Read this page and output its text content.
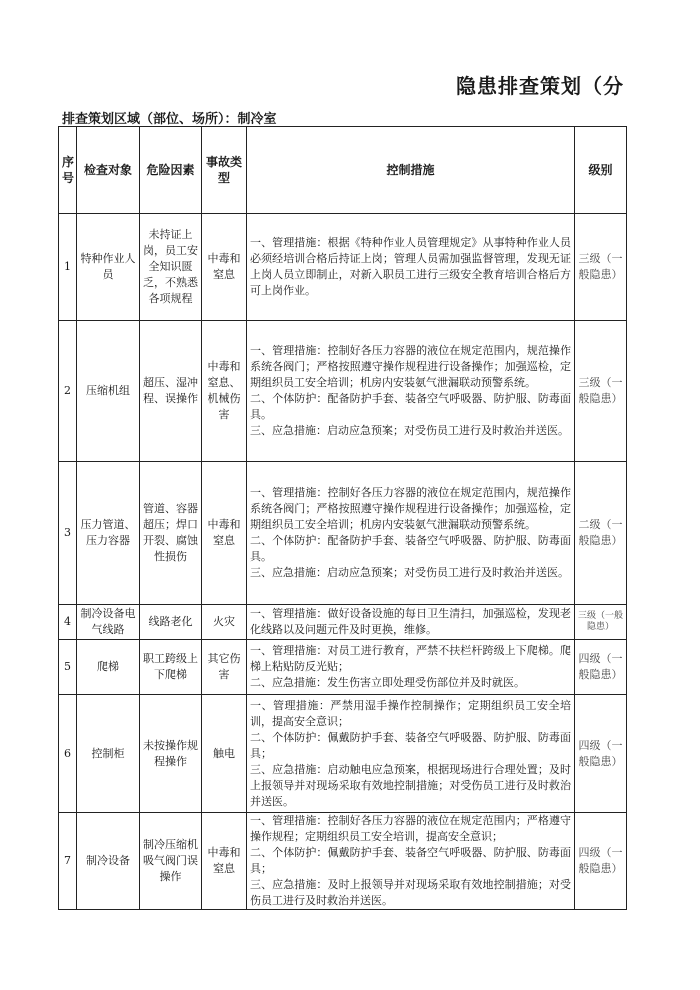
隐患排查策划（分
排查策划区域（部位、场所）：制冷室
序号	检查对象	危险因素	事故类型	控制措施	级别
1	特种作业人员	未持证上岗，员工安全知识匮乏，不熟悉各项规程	中毒和窒息	一、管理措施：根据《特种作业人员管理规定》从事特种作业人员必须经培训合格后持证上岗；管理人员需加强监督管理，发现无证上岗人员立即制止，对新入职员工进行三级安全教育培训合格后方可上岗作业。	三级（一般隐患）
2	压缩机组	超压、湿冲程、误操作	中毒和窒息、机械伤害	一、管理措施：控制好各压力容器的液位在规定范围内，规范操作系统各阀门；严格按照遵守操作规程进行设备操作；加强巡检，定期组织员工安全培训；机房内安装氨气泄漏联动预警系统。
二、个体防护：配备防护手套、装备空气呼吸器、防护服、防毒面具。
三、应急措施：启动应急预案；对受伤员工进行及时救治并送医。	三级（一般隐患）
3	压力管道、压力容器	管道、容器超压；焊口开裂、腐蚀性损伤	中毒和窒息	一、管理措施：控制好各压力容器的液位在规定范围内，规范操作系统各阀门；严格按照遵守操作规程进行设备操作；加强巡检，定期组织员工安全培训；机房内安装氨气泄漏联动预警系统。
二、个体防护：配备防护手套、装备空气呼吸器、防护服、防毒面具。
三、应急措施：启动应急预案；对受伤员工进行及时救治并送医。	二级（一般隐患）
4	制冷设备电气线路	线路老化	火灾	一、管理措施：做好设备设施的每日卫生清扫，加强巡检，发现老化线路以及问题元件及时更换，维修。	三级（一般隐患）
5	爬梯	职工跨级上下爬梯	其它伤害	一、管理措施：对员工进行教育，严禁不扶栏杆跨级上下爬梯。爬梯上粘贴防反光贴；
二、应急措施：发生伤害立即处理受伤部位并及时就医。	四级（一般隐患）
6	控制柜	未按操作规程操作	触电	一、管理措施：严禁用湿手操作控制操作；定期组织员工安全培训，提高安全意识；
二、个体防护：佩戴防护手套、装备空气呼吸器、防护服、防毒面具；
三、应急措施：启动触电应急预案，根据现场进行合理处置；及时上报领导并对现场采取有效地控制措施；对受伤员工进行及时救治并送医。	四级（一般隐患）
7	制冷设备	制冷压缩机吸气阀门误操作	中毒和窒息	一、管理措施：控制好各压力容器的液位在规定范围内；严格遵守操作规程；定期组织员工安全培训，提高安全意识；
二、个体防护：佩戴防护手套、装备空气呼吸器、防护服、防毒面具；
三、应急措施：及时上报领导并对现场采取有效地控制措施；对受伤员工进行及时救治并送医。	四级（一般隐患）
